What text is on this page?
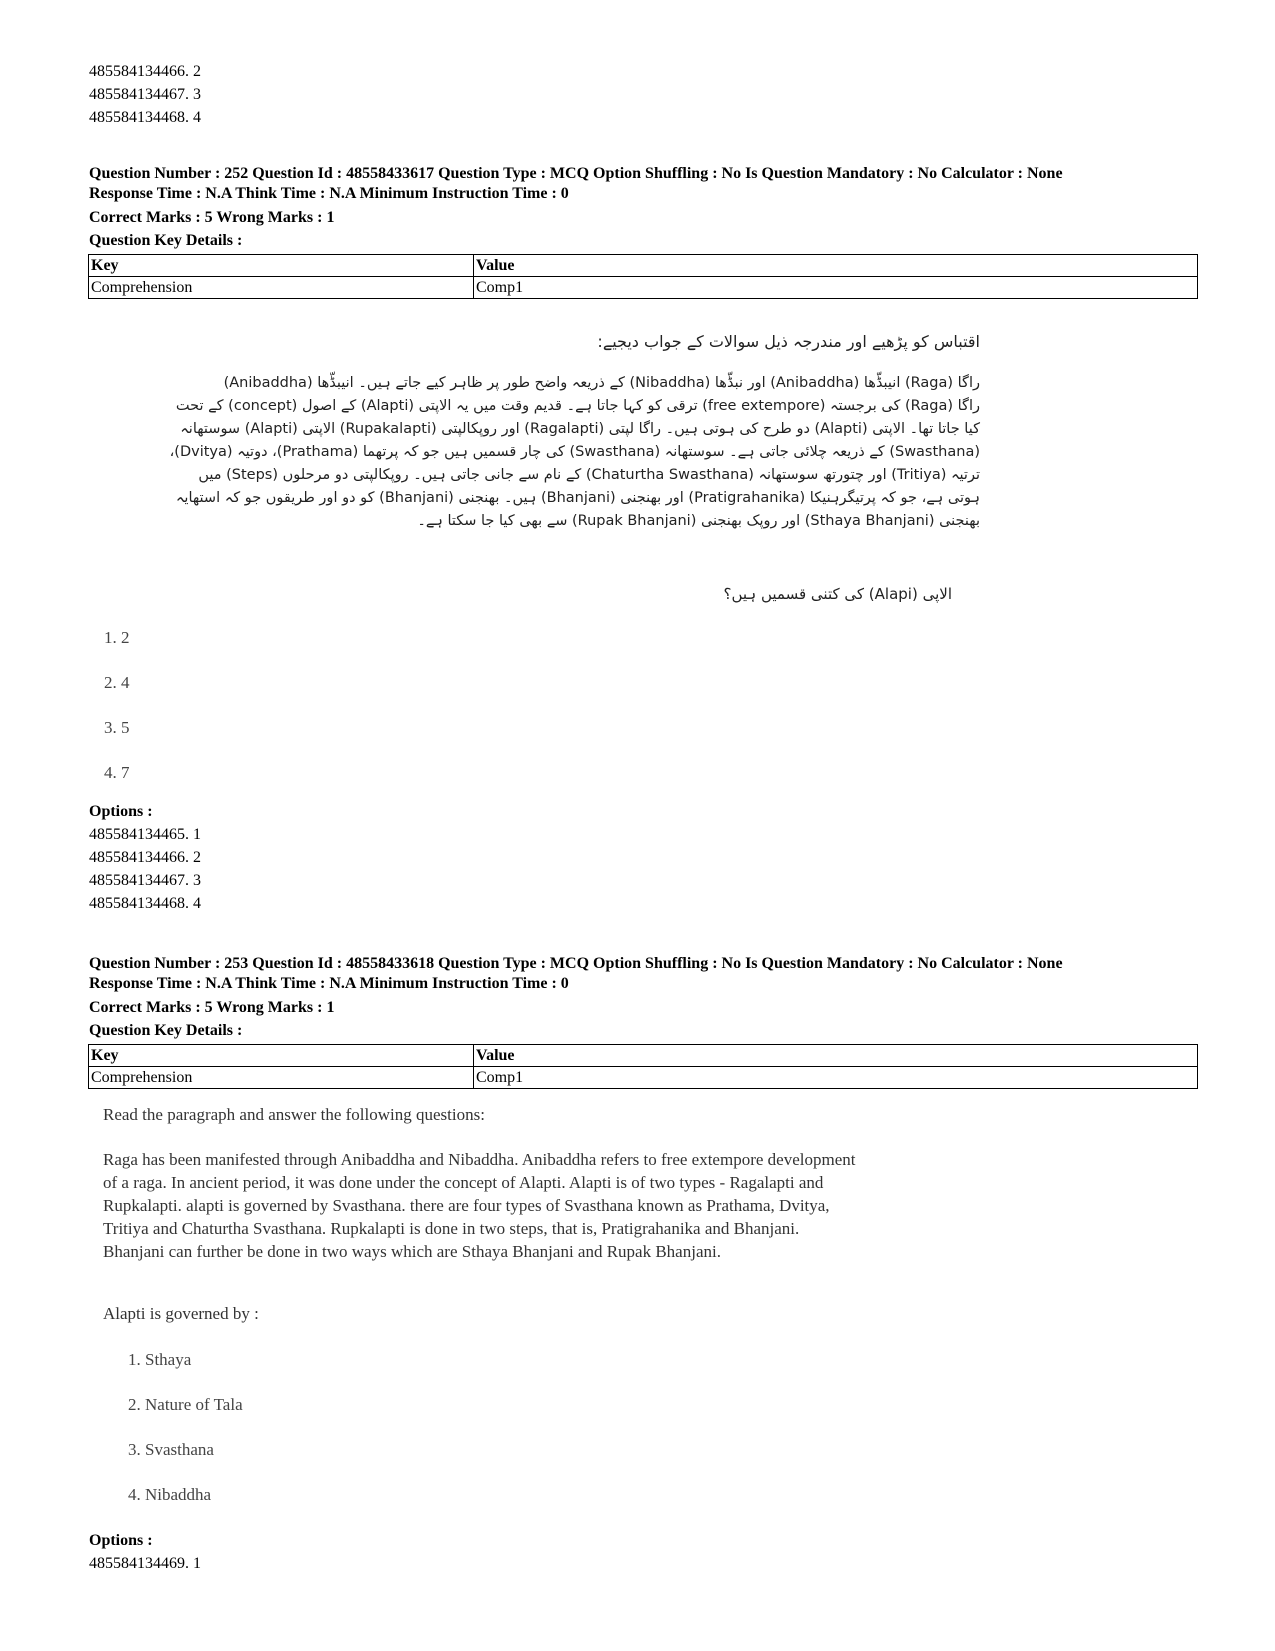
485584134466. 2
485584134467. 3
485584134468. 4
Question Number : 252 Question Id : 48558433617 Question Type : MCQ Option Shuffling : No Is Question Mandatory : No Calculator : None
Response Time : N.A Think Time : N.A Minimum Instruction Time : 0
Correct Marks : 5 Wrong Marks : 1
Question Key Details :
Key	Value
Comprehension	Comp1
اقتباس کو پڑھیے اور مندرجہ ذیل سوالات کے جواب دیجیے:
راگا (Raga) انیبڈّھا (Anibaddha) اور نبڈّھا (Nibaddha) کے ذریعہ واضح طور پر ظاہر کیے جاتے ہیں۔ انیبڈّھا (Anibaddha)
راگا (Raga) کی برجستہ (free extempore) ترقی کو کہا جاتا ہے۔ قدیم وقت میں یہ الاپتی (Alapti) کے اصول (concept) کے تحت
کیا جاتا تھا۔ الاپتی (Alapti) دو طرح کی ہوتی ہیں۔ راگا لپتی (Ragalapti) اور روپکالپتی (Rupakalapti) الاپتی (Alapti) سوستھانہ
(Swasthana) کے ذریعہ چلائی جاتی ہے۔ سوستھانہ (Swasthana) کی چار قسمیں ہیں جو کہ پرتھما (Prathama)، دوتیہ (Dvitya)،
ترتیہ (Tritiya) اور چتورتھ سوستھانہ (Chaturtha Swasthana) کے نام سے جانی جاتی ہیں۔ روپکالپتی دو مرحلوں (Steps) میں
ہوتی ہے، جو کہ پرتیگرہنیکا (Pratigrahanika) اور بھنجنی (Bhanjani) ہیں۔ بھنجنی (Bhanjani) کو دو اور طریقوں جو کہ استھایہ
بھنجنی (Sthaya Bhanjani) اور روپک بھنجنی (Rupak Bhanjani) سے بھی کیا جا سکتا ہے۔
الاپی (Alapi) کی کتنی قسمیں ہیں؟
1. 2
2. 4
3. 5
4. 7
Options :
485584134465. 1
485584134466. 2
485584134467. 3
485584134468. 4
Question Number : 253 Question Id : 48558433618 Question Type : MCQ Option Shuffling : No Is Question Mandatory : No Calculator : None
Response Time : N.A Think Time : N.A Minimum Instruction Time : 0
Correct Marks : 5 Wrong Marks : 1
Question Key Details :
Key	Value
Comprehension	Comp1
Read the paragraph and answer the following questions:
Raga has been manifested through Anibaddha and Nibaddha. Anibaddha refers to free extempore development
of a raga. In ancient period, it was done under the concept of Alapti. Alapti is of two types - Ragalapti and
Rupkalapti. alapti is governed by Svasthana. there are four types of Svasthana known as Prathama, Dvitya,
Tritiya and Chaturtha Svasthana. Rupkalapti is done in two steps, that is, Pratigrahanika and Bhanjani.
Bhanjani can further be done in two ways which are Sthaya Bhanjani and Rupak Bhanjani.
Alapti is governed by :
1. Sthaya
2. Nature of Tala
3. Svasthana
4. Nibaddha
Options :
485584134469. 1
